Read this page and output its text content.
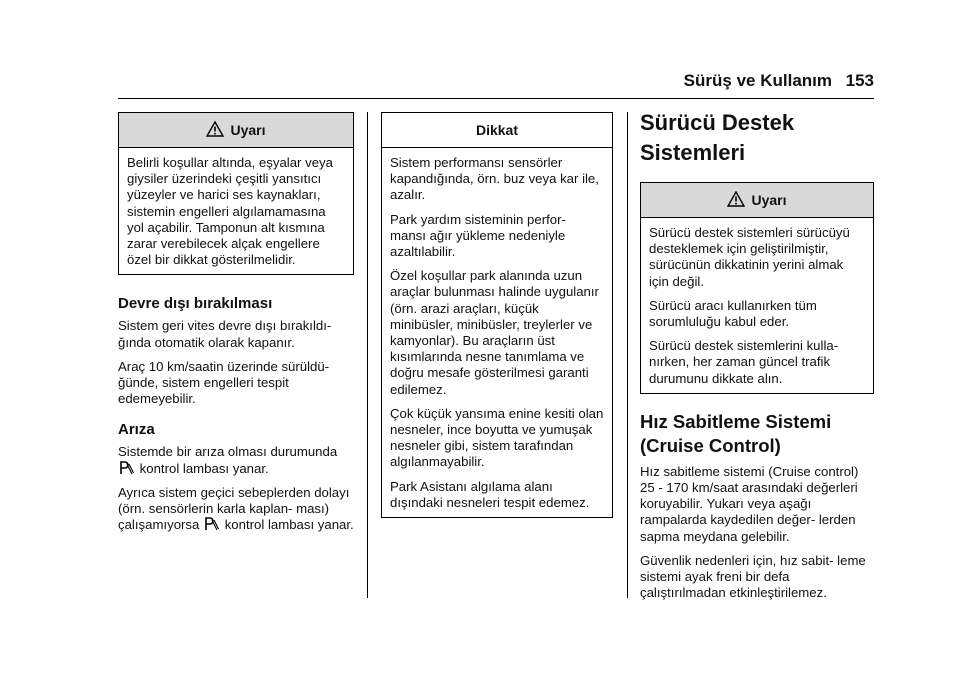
Sürüş ve Kullanım 153
Uyarı

Belirli koşullar altında, eşyalar veya giysiler üzerindeki çeşitli yansıtıcı yüzeyler ve harici ses kaynakları, sistemin engelleri algılamamasına yol açabilir. Tamponun alt kısmına zarar verebilecek alçak engellere özel bir dikkat gösterilmelidir.

Devre dışı bırakılması

Sistem geri vites devre dışı bırakıldı- ğında otomatik olarak kapanır.

Araç 10 km/saatin üzerinde sürüldü- ğünde, sistem engelleri tespit edemeyebilir.

Arıza

Sistemde bir arıza olması durumunda  kontrol lambası yanar.

Ayrıca sistem geçici sebeplerden dolayı (örn. sensörlerin karla kaplan- ması) çalışamıyorsa kontrol lambası yanar.

Dikkat

Sistem performansı sensörler kapandığında, örn. buz veya kar ile, azalır.

Park yardım sisteminin perfor- mansı ağır yükleme nedeniyle azaltılabilir.

Özel koşullar park alanında uzun araçlar bulunması halinde uygulanır (örn. arazi araçları, küçük minibüsler, minibüsler, treylerler ve kamyonlar). Bu araçların üst kısımlarında nesne tanımlama ve doğru mesafe gösterilmesi garanti edilemez.

Çok küçük yansıma enine kesiti olan nesneler, ince boyutta ve yumuşak nesneler gibi, sistem tarafından algılanmayabilir.

Park Asistanı algılama alanı dışındaki nesneleri tespit edemez.

Sürücü Destek Sistemleri
Uyarı

Sürücü destek sistemleri sürücüyü desteklemek için geliştirilmiştir, sürücünün dikkatinin yerini almak için değil.

Sürücü aracı kullanırken tüm sorumluluğu kabul eder.

Sürücü destek sistemlerini kulla- nırken, her zaman güncel trafik durumunu dikkate alın.

Hız Sabitleme Sistemi (Cruise Control)

Hız sabitleme sistemi (Cruise control) 25 - 170 km/saat arasındaki değerleri koruyabilir. Yukarı veya aşağı rampalarda kaydedilen değer- lerden sapma meydana gelebilir.

Güvenlik nedenleri için, hız sabit- leme sistemi ayak freni bir defa çalıştırılmadan etkinleştirilemez.
